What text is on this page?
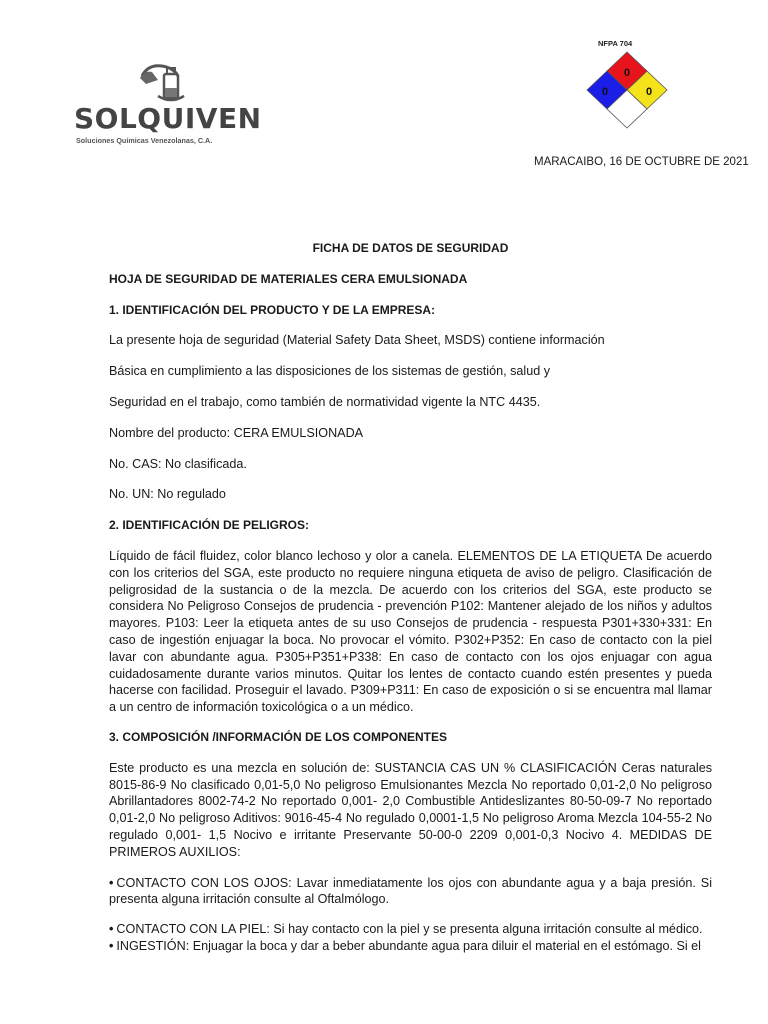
SOLQUIVEN
Soluciones Químicas Venezolanas, C.A.
NFPA 704
0
0	0
MARACAIBO, 16 DE OCTUBRE DE 2021

FICHA DE DATOS DE SEGURIDAD

HOJA DE SEGURIDAD DE MATERIALES CERA EMULSIONADA

1. IDENTIFICACIÓN DEL PRODUCTO Y DE LA EMPRESA:

La presente hoja de seguridad (Material Safety Data Sheet, MSDS) contiene información

Básica en cumplimiento a las disposiciones de los sistemas de gestión, salud y

Seguridad en el trabajo, como también de normatividad vigente la NTC 4435.

Nombre del producto: CERA EMULSIONADA

No. CAS: No clasificada.

No. UN: No regulado

2. IDENTIFICACIÓN DE PELIGROS:

Líquido de fácil fluidez, color blanco lechoso y olor a canela. ELEMENTOS DE LA ETIQUETA De acuerdo con los criterios del SGA, este producto no requiere ninguna etiqueta de aviso de peligro. Clasificación de peligrosidad de la sustancia o de la mezcla. De acuerdo con los criterios del SGA, este producto se considera No Peligroso Consejos de prudencia - prevención P102: Mantener alejado de los niños y adultos mayores. P103: Leer la etiqueta antes de su uso Consejos de prudencia - respuesta P301+330+331: En caso de ingestión enjuagar la boca. No provocar el vómito. P302+P352: En caso de contacto con la piel lavar con abundante agua. P305+P351+P338: En caso de contacto con los ojos enjuagar con agua cuidadosamente durante varios minutos. Quitar los lentes de contacto cuando estén presentes y pueda hacerse con facilidad. Proseguir el lavado. P309+P311: En caso de exposición o si se encuentra mal llamar a un centro de información toxicológica o a un médico.

3. COMPOSICIÓN /INFORMACIÓN DE LOS COMPONENTES

Este producto es una mezcla en solución de: SUSTANCIA CAS UN % CLASIFICACIÓN Ceras naturales 8015-86-9 No clasificado 0,01-5,0 No peligroso Emulsionantes Mezcla No reportado 0,01-2,0 No peligroso Abrillantadores 8002-74-2 No reportado 0,001- 2,0 Combustible Antideslizantes 80-50-09-7 No reportado 0,01-2,0 No peligroso Aditivos: 9016-45-4 No regulado 0,0001-1,5 No peligroso Aroma Mezcla 104-55-2 No regulado 0,001- 1,5 Nocivo e irritante Preservante 50-00-0 2209 0,001-0,3 Nocivo 4. MEDIDAS DE PRIMEROS AUXILIOS:

• CONTACTO CON LOS OJOS: Lavar inmediatamente los ojos con abundante agua y a baja presión. Si presenta alguna irritación consulte al Oftalmólogo.

• CONTACTO CON LA PIEL: Si hay contacto con la piel y se presenta alguna irritación consulte al médico.

• INGESTIÓN: Enjuagar la boca y dar a beber abundante agua para diluir el material en el estómago. Si el
